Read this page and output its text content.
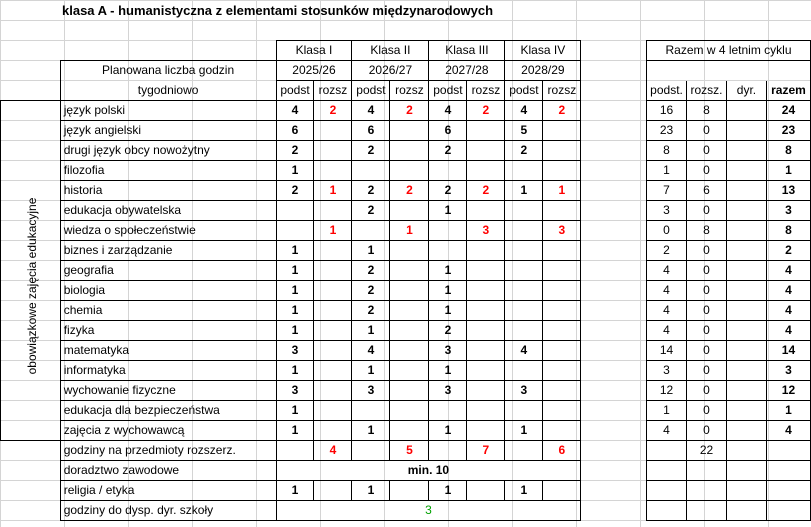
klasa A - humanistyczna z elementami stosunków międzynarodowych
obowiązkowe zajęcia edukacyjne
		Klasa I		Klasa II		Klasa III		Klasa IV			Razem w 4 letnim cyklu			
	Planowana liczba godzin	2025/26		2026/27		2027/28		2028/29						
	tygodniowo	podst	rozsz	podst	rozsz	podst	rozsz	podst	rozsz		podst.	rozsz.	dyr.	razem
	język polski	4	2	4	2	4	2	4	2		16	8		24
	język angielski	6		6		6		5			23	0		23
	drugi język obcy nowożytny	2		2		2		2			8	0		8
	filozofia	1									1	0		1
	historia	2	1	2	2	2	2	1	1		7	6		13
	edukacja obywatelska			2		1					3	0		3
	wiedza o społeczeństwie		1		1		3		3		0	8		8
	biznes i zarządzanie	1		1							2	0		2
	geografia	1		2		1					4	0		4
	biologia	1		2		1					4	0		4
	chemia	1		2		1					4	0		4
	fizyka	1		1		2					4	0		4
	matematyka	3		4		3		4			14	0		14
	informatyka	1		1		1					3	0		3
	wychowanie fizyczne	3		3		3		3			12	0		12
	edukacja dla bezpieczeństwa	1									1	0		1
	zajęcia z wychowawcą	1		1		1		1			4	0		4
	godziny na przedmioty rozszerz.		4		5		7		6			22		
	doradztwo zawodowe	min. 10												
	religia / etyka	1		1		1		1						
	godziny do dysp. dyr. szkoły	3												
